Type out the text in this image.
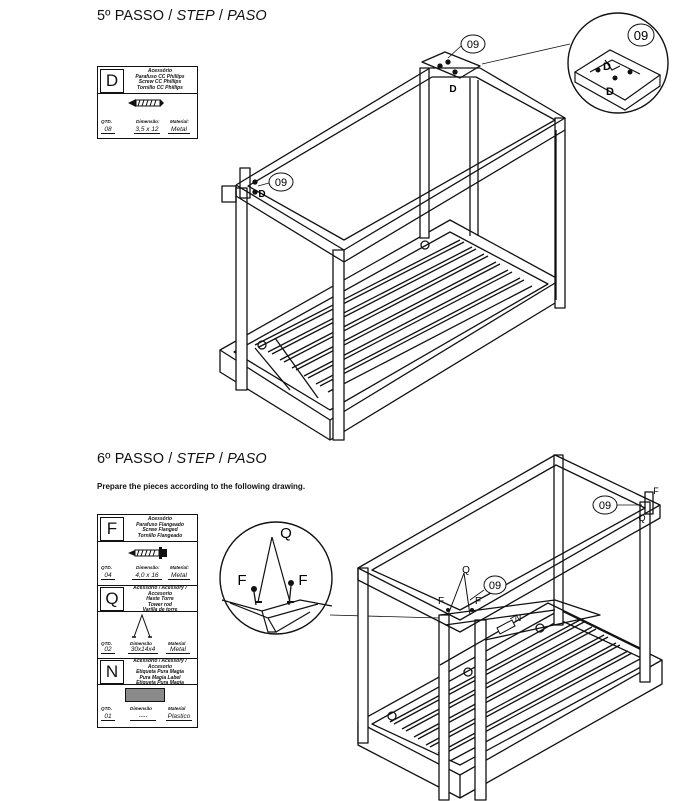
5º PASSO / STEP / PASO
D	Acessório
Parafuso CC Phillips
Screw CC Phillips
Tornillo CC Phillips
QTD.	Dimensão: Material:
08	3,5 x 12	Metal
09
09
09
D
D
D
D
6º PASSO / STEP / PASO
Prepare the pieces according to the following drawing.
F	Acessório
Parafuso Flangeado
Screw Flanged
Tornillo Flangeado
QTD.	Dimensão: Material:
04	4,0 x 16	Metal
Q
Acessório / Acessory / Accesorio
Haste Torre
Tower rod
Varilla de torre
QTD.	Dimensão	Material
02	30x14x4	Metal
N
Acessório / Acessory / Accesorio
Etiqueta Pura Magia
Pura Magia Label
Etiqueta Pura Magia
QTD.	Dimensão	Material
01	----	Plastico
Q
F	F	09
09
Q
F	F
N
F
Q
